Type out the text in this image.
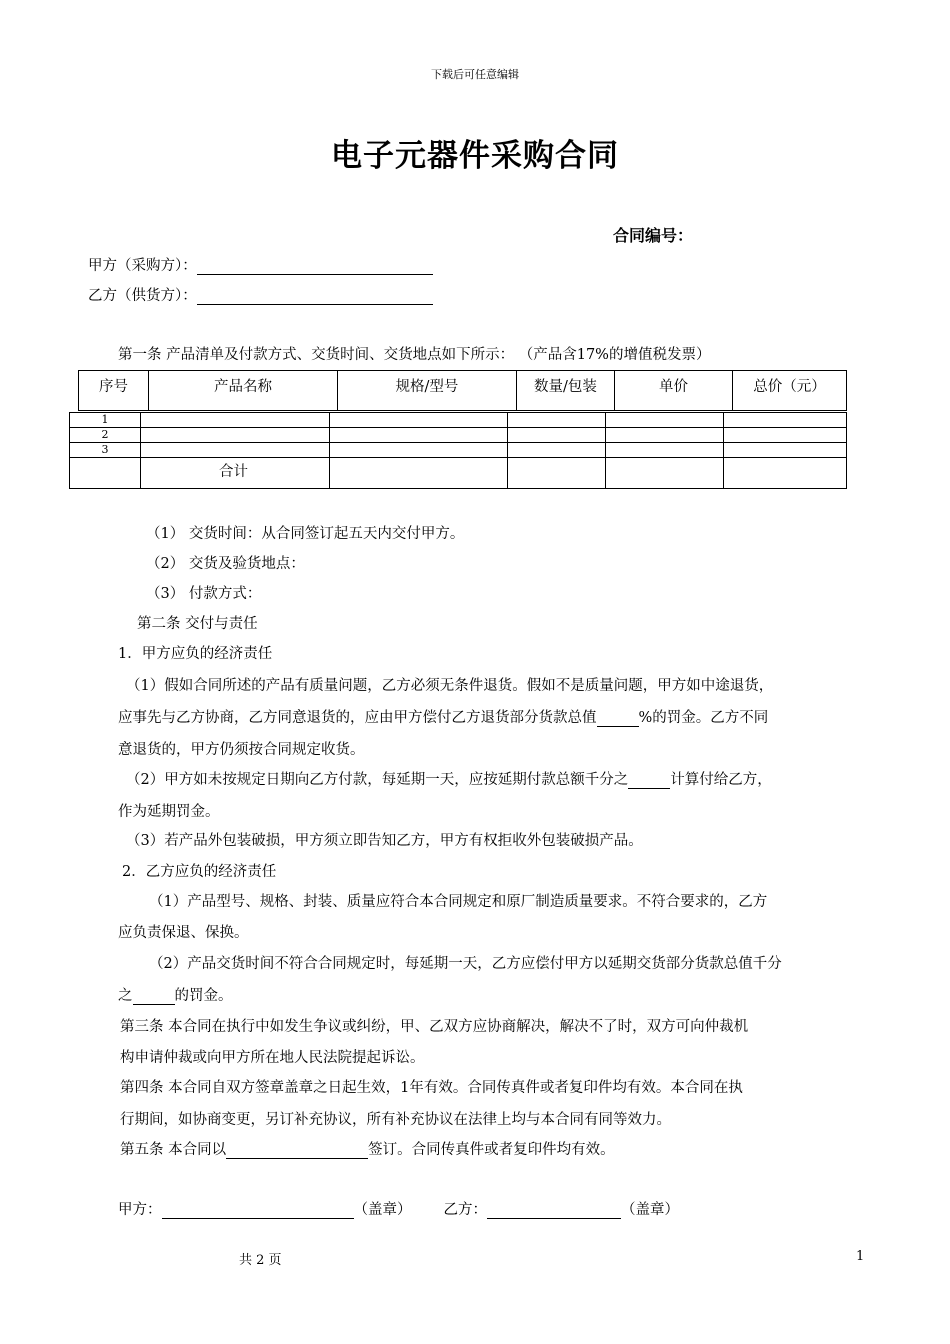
下载后可任意编辑
电子元器件采购合同
合同编号：
甲方（采购方）：
乙方（供货方）：
第一条 产品清单及付款方式、交货时间、交货地点如下所示： （产品含17%的增值税发票）
序号	产品名称	规格/型号	数量/包装	单价	总价（元）
1					
2					
3					
	合计				
（1） 交货时间：从合同签订起五天内交付甲方。
（2） 交货及验货地点：
（3） 付款方式：
第二条 交付与责任
1．甲方应负的经济责任
（1）假如合同所述的产品有质量问题，乙方必须无条件退货。假如不是质量问题，甲方如中途退货，
应事先与乙方协商，乙方同意退货的，应由甲方偿付乙方退货部分货款总值	%的罚金。乙方不同
意退货的，甲方仍须按合同规定收货。
（2）甲方如未按规定日期向乙方付款，每延期一天，应按延期付款总额千分之	计算付给乙方，
作为延期罚金。
（3）若产品外包装破损，甲方须立即告知乙方，甲方有权拒收外包装破损产品。
2．乙方应负的经济责任
（1）产品型号、规格、封装、质量应符合本合同规定和原厂制造质量要求。不符合要求的，乙方
应负责保退、保换。
（2）产品交货时间不符合合同规定时，每延期一天，乙方应偿付甲方以延期交货部分货款总值千分
之	的罚金。
第三条 本合同在执行中如发生争议或纠纷，甲、乙双方应协商解决，解决不了时，双方可向仲裁机
构申请仲裁或向甲方所在地人民法院提起诉讼。
第四条 本合同自双方签章盖章之日起生效，1年有效。合同传真件或者复印件均有效。本合同在执
行期间，如协商变更，另订补充协议，所有补充协议在法律上均与本合同有同等效力。
第五条 本合同以	签订。合同传真件或者复印件均有效。
甲方：	（盖章） 乙方：	（盖章）
共 2 页	1
